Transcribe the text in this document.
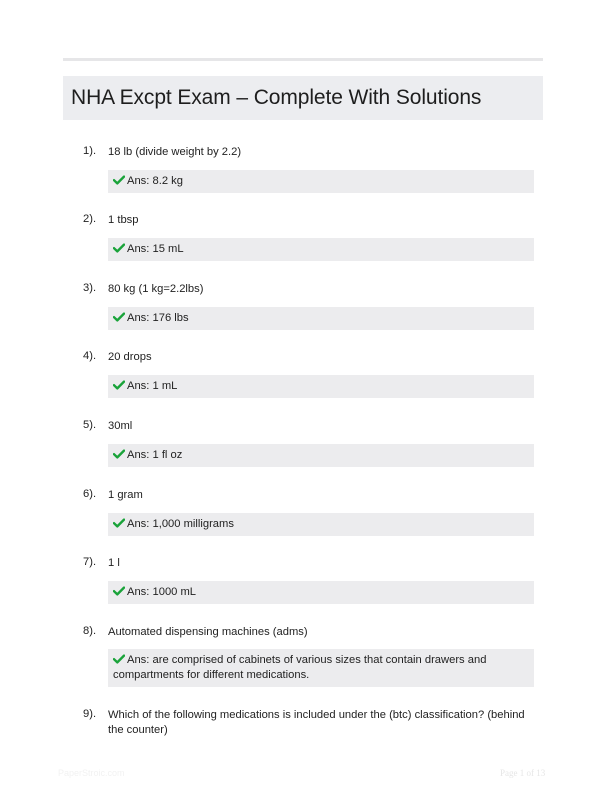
NHA Excpt Exam – Complete With Solutions
1). 18 lb (divide weight by 2.2)
Ans: 8.2 kg
2). 1 tbsp
Ans: 15 mL
3). 80 kg (1 kg=2.2lbs)
Ans: 176 lbs
4). 20 drops
Ans: 1 mL
5). 30ml
Ans: 1 fl oz
6). 1 gram
Ans: 1,000 milligrams
7). 1 l
Ans: 1000 mL
8). Automated dispensing machines (adms)
Ans: are comprised of cabinets of various sizes that contain drawers and compartments for different medications.
9). Which of the following medications is included under the (btc) classification? (behind the counter)
PaperStroic.com	Page 1 of 13
